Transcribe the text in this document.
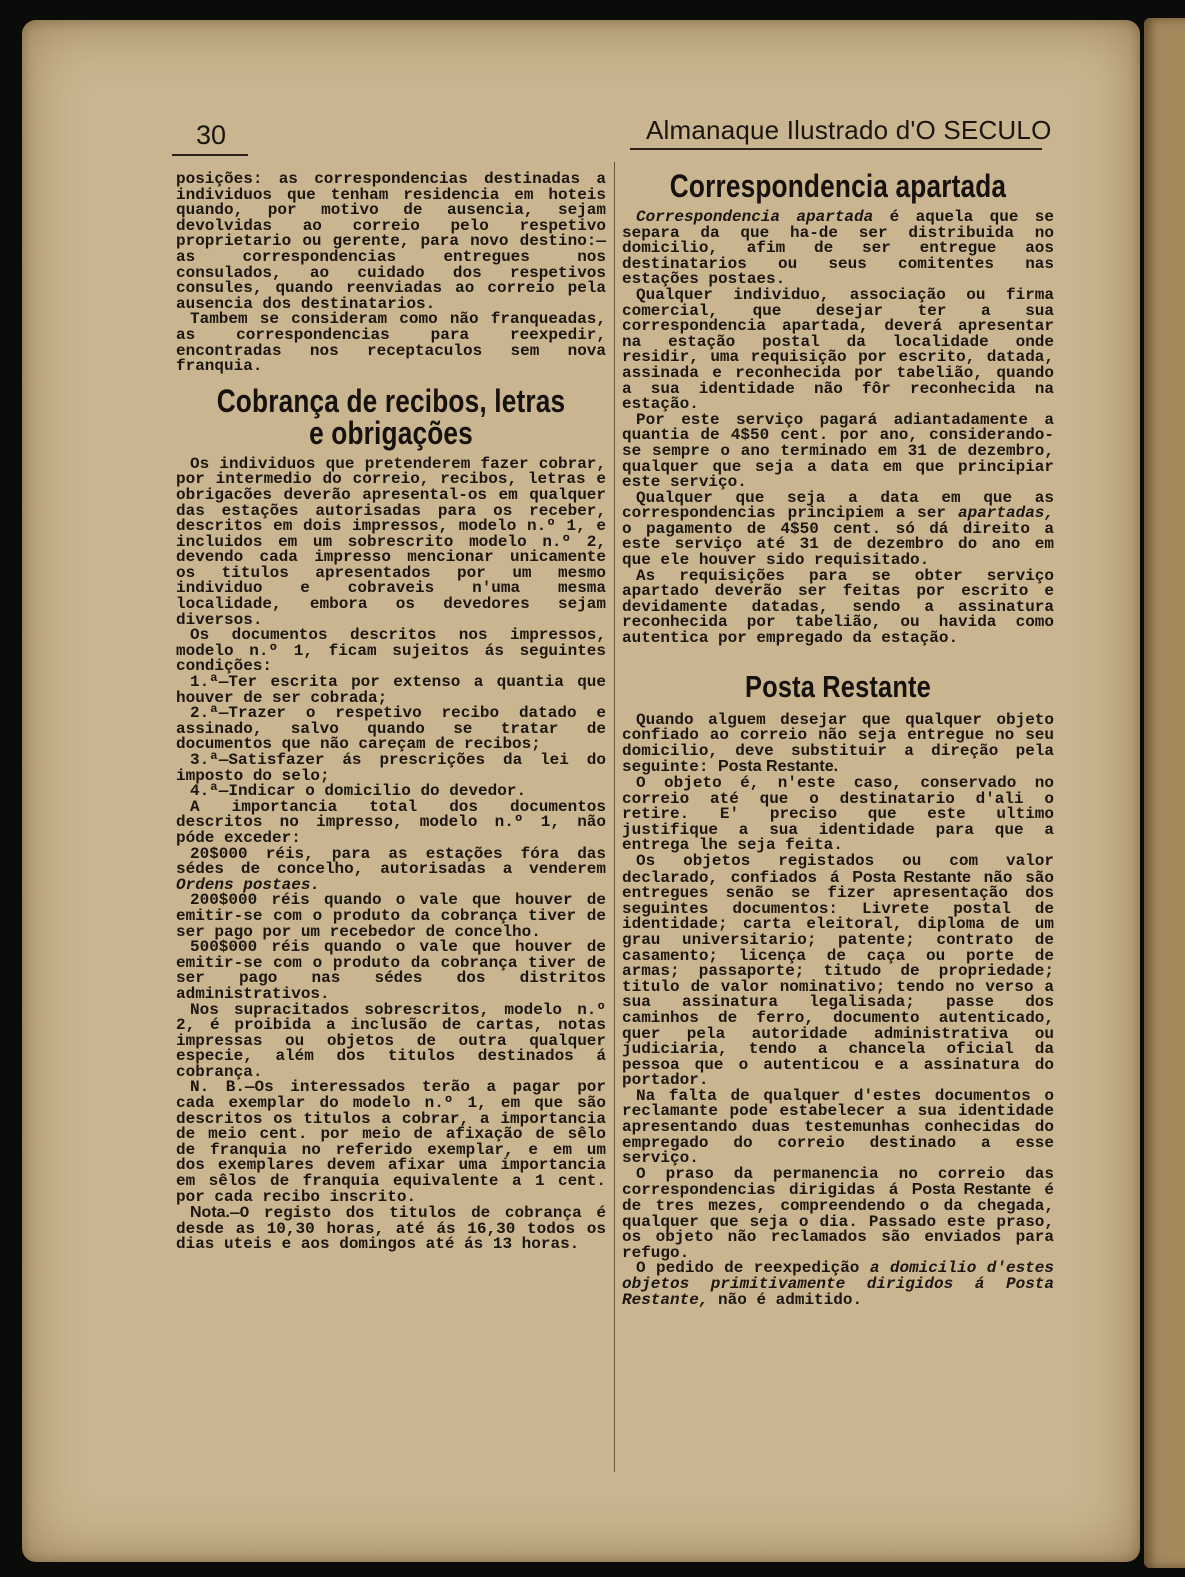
30	Almanaque Ilustrado d'O SECULO

posições: as correspondencias destinadas a individuos que tenham residencia em hoteis quando, por motivo de ausencia, sejam devolvidas ao correio pelo respetivo proprietario ou gerente, para novo destino:—as correspondencias entregues nos consulados, ao cuidado dos respetivos consules, quando reenviadas ao correio pela ausencia dos destinatarios.

Tambem se consideram como não franqueadas, as correspondencias para reexpedir, encontradas nos receptaculos sem nova franquia.

Cobrança de recibos, letras e obrigações

Os individuos que pretenderem fazer cobrar, por intermedio do correio, recibos, letras e obrigacões deverão apresental-os em qualquer das estações autorisadas para os receber, descritos em dois impressos, modelo n.º 1, e incluidos em um sobrescrito modelo n.º 2, devendo cada impresso mencionar unicamente os titulos apresentados por um mesmo individuo e cobraveis n'uma mesma localidade, embora os devedores sejam diversos.

Os documentos descritos nos impressos, modelo n.º 1, ficam sujeitos ás seguintes condições:

1.ª—Ter escrita por extenso a quantia que houver de ser cobrada;

2.ª—Trazer o respetivo recibo datado e assinado, salvo quando se tratar de documentos que não careçam de recibos;

3.ª—Satisfazer ás prescrições da lei do imposto do selo;

4.ª—Indicar o domicilio do devedor.

A importancia total dos documentos descritos no impresso, modelo n.º 1, não póde exceder:

20$000 réis, para as estações fóra das sédes de concelho, autorisadas a venderem Ordens postaes.

200$000 réis quando o vale que houver de emitir-se com o produto da cobrança tiver de ser pago por um recebedor de concelho.

500$000 réis quando o vale que houver de emitir-se com o produto da cobrança tiver de ser pago nas sédes dos distritos administrativos.

Nos supracitados sobrescritos, modelo n.º 2, é proibida a inclusão de cartas, notas impressas ou objetos de outra qualquer especie, além dos titulos destinados á cobrança.

N. B.—Os interessados terão a pagar por cada exemplar do modelo n.º 1, em que são descritos os titulos a cobrar, a importancia de meio cent. por meio de afixação de sêlo de franquia no referido exemplar, e em um dos exemplares devem afixar uma importancia em sêlos de franquia equivalente a 1 cent. por cada recibo inscrito.

Nota.—O registo dos titulos de cobrança é desde as 10,30 horas, até ás 16,30 todos os dias uteis e aos domingos até ás 13 horas.

Correspondencia apartada

Correspondencia apartada é aquela que se separa da que ha-de ser distribuida no domicilio, afim de ser entregue aos destinatarios ou seus comitentes nas estações postaes.

Qualquer individuo, associação ou firma comercial, que desejar ter a sua correspondencia apartada, deverá apresentar na estação postal da localidade onde residir, uma requisição por escrito, datada, assinada e reconhecida por tabelião, quando a sua identidade não fôr reconhecida na estação.

Por este serviço pagará adiantadamente a quantia de 4$50 cent. por ano, considerando-se sempre o ano terminado em 31 de dezembro, qualquer que seja a data em que principiar este serviço.

Qualquer que seja a data em que as correspondencias principiem a ser apartadas, o pagamento de 4$50 cent. só dá direito a este serviço até 31 de dezembro do ano em que ele houver sido requisitado.

As requisições para se obter serviço apartado deverão ser feitas por escrito e devidamente datadas, sendo a assinatura reconhecida por tabelião, ou havida como autentica por empregado da estação.

Posta Restante

Quando alguem desejar que qualquer objeto confiado ao correio não seja entregue no seu domicilio, deve substituir a direção pela seguinte: Posta Restante.

O objeto é, n'este caso, conservado no correio até que o destinatario d'ali o retire. E' preciso que este ultimo justifique a sua identidade para que a entrega lhe seja feita.

Os objetos registados ou com valor declarado, confiados á Posta Restante não são entregues senão se fizer apresentação dos seguintes documentos: Livrete postal de identidade; carta eleitoral, diploma de um grau universitario; patente; contrato de casamento; licença de caça ou porte de armas; passaporte; titudo de propriedade; titulo de valor nominativo; tendo no verso a sua assinatura legalisada; passe dos caminhos de ferro, documento autenticado, quer pela autoridade administrativa ou judiciaria, tendo a chancela oficial da pessoa que o autenticou e a assinatura do portador.

Na falta de qualquer d'estes documentos o reclamante pode estabelecer a sua identidade apresentando duas testemunhas conhecidas do empregado do correio destinado a esse serviço.

O praso da permanencia no correio das correspondencias dirigidas á Posta Restante é de tres mezes, compreendendo o da chegada, qualquer que seja o dia. Passado este praso, os objeto não reclamados são enviados para refugo.

O pedido de reexpedição a domicilio d'estes objetos primitivamente dirigidos á Posta Restante, não é admitido.
